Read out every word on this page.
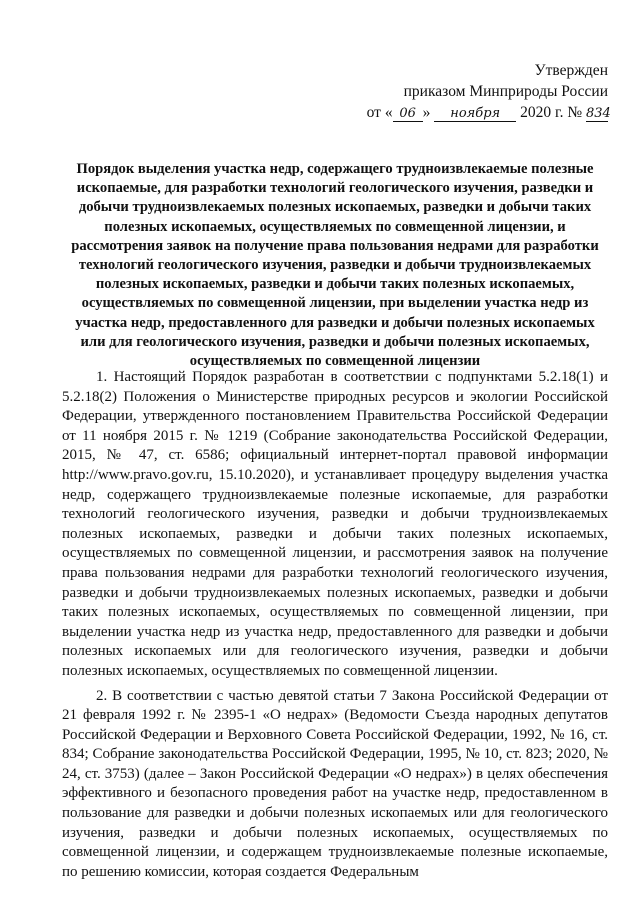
Утвержден
приказом Минприроды России
от « 06 » ноября 2020 г. № 834
Порядок выделения участка недр, содержащего трудноизвлекаемые полезные ископаемые, для разработки технологий геологического изучения, разведки и добычи трудноизвлекаемых полезных ископаемых, разведки и добычи таких полезных ископаемых, осуществляемых по совмещенной лицензии, и рассмотрения заявок на получение права пользования недрами для разработки технологий геологического изучения, разведки и добычи трудноизвлекаемых полезных ископаемых, разведки и добычи таких полезных ископаемых, осуществляемых по совмещенной лицензии, при выделении участка недр из участка недр, предоставленного для разведки и добычи полезных ископаемых или для геологического изучения, разведки и добычи полезных ископаемых, осуществляемых по совмещенной лицензии

1. Настоящий Порядок разработан в соответствии с подпунктами 5.2.18(1) и 5.2.18(2) Положения о Министерстве природных ресурсов и экологии Российской Федерации, утвержденного постановлением Правительства Российской Федерации от 11 ноября 2015 г. № 1219 (Собрание законодательства Российской Федерации, 2015, № 47, ст. 6586; официальный интернет-портал правовой информации http://www.pravo.gov.ru, 15.10.2020), и устанавливает процедуру выделения участка недр, содержащего трудноизвлекаемые полезные ископаемые, для разработки технологий геологического изучения, разведки и добычи трудноизвлекаемых полезных ископаемых, разведки и добычи таких полезных ископаемых, осуществляемых по совмещенной лицензии, и рассмотрения заявок на получение права пользования недрами для разработки технологий геологического изучения, разведки и добычи трудноизвлекаемых полезных ископаемых, разведки и добычи таких полезных ископаемых, осуществляемых по совмещенной лицензии, при выделении участка недр из участка недр, предоставленного для разведки и добычи полезных ископаемых или для геологического изучения, разведки и добычи полезных ископаемых, осуществляемых по совмещенной лицензии.

2. В соответствии с частью девятой статьи 7 Закона Российской Федерации от 21 февраля 1992 г. № 2395-1 «О недрах» (Ведомости Съезда народных депутатов Российской Федерации и Верховного Совета Российской Федерации, 1992, № 16, ст. 834; Собрание законодательства Российской Федерации, 1995, № 10, ст. 823; 2020, № 24, ст. 3753) (далее – Закон Российской Федерации «О недрах») в целях обеспечения эффективного и безопасного проведения работ на участке недр, предоставленном в пользование для разведки и добычи полезных ископаемых или для геологического изучения, разведки и добычи полезных ископаемых, осуществляемых по совмещенной лицензии, и содержащем трудноизвлекаемые полезные ископаемые, по решению комиссии, которая создается Федеральным
